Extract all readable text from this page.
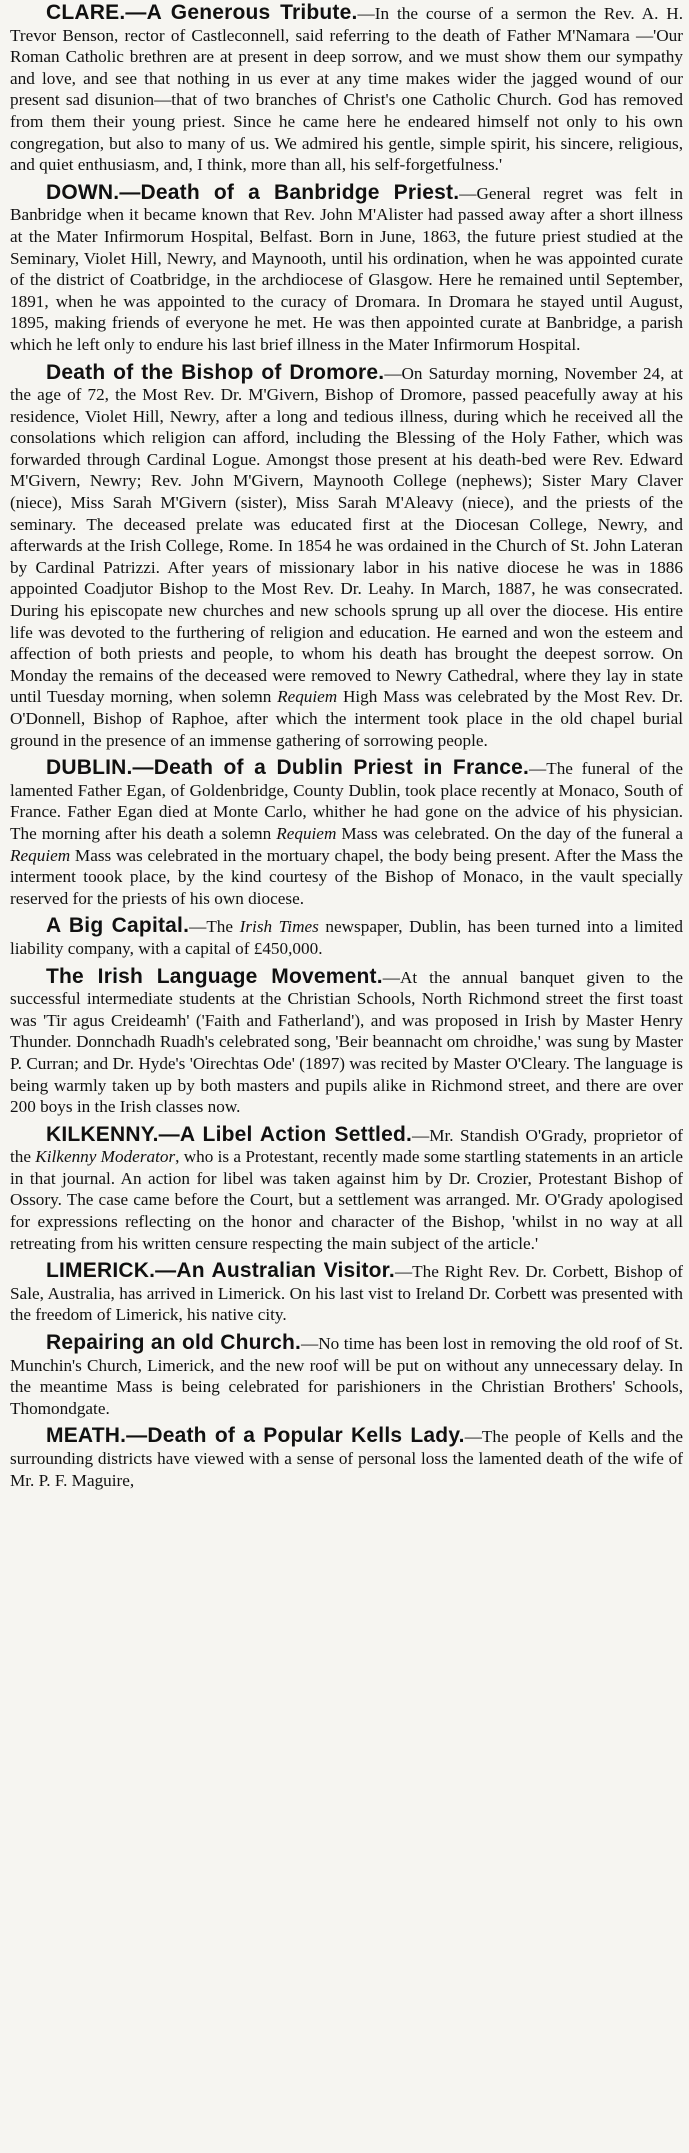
CLARE.—A Generous Tribute.—In the course of a sermon the Rev. A. H. Trevor Benson, rector of Castleconnell, said referring to the death of Father M'Namara —'Our Roman Catholic brethren are at present in deep sorrow, and we must show them our sympathy and love, and see that nothing in us ever at any time makes wider the jagged wound of our present sad disunion—that of two branches of Christ's one Catholic Church. God has removed from them their young priest. Since he came here he endeared himself not only to his own congregation, but also to many of us. We admired his gentle, simple spirit, his sincere, religious, and quiet enthusiasm, and, I think, more than all, his self-forgetfulness.'

DOWN.—Death of a Banbridge Priest.—General regret was felt in Banbridge when it became known that Rev. John M'Alister had passed away after a short illness at the Mater Infirmorum Hospital, Belfast. Born in June, 1863, the future priest studied at the Seminary, Violet Hill, Newry, and Maynooth, until his ordination, when he was appointed curate of the district of Coatbridge, in the archdiocese of Glasgow. Here he remained until September, 1891, when he was appointed to the curacy of Dromara. In Dromara he stayed until August, 1895, making friends of everyone he met. He was then appointed curate at Banbridge, a parish which he left only to endure his last brief illness in the Mater Infirmorum Hospital.

Death of the Bishop of Dromore.—On Saturday morning, November 24, at the age of 72, the Most Rev. Dr. M'Givern, Bishop of Dromore, passed peacefully away at his residence, Violet Hill, Newry, after a long and tedious illness, during which he received all the consolations which religion can afford, including the Blessing of the Holy Father, which was forwarded through Cardinal Logue. Amongst those present at his death-bed were Rev. Edward M'Givern, Newry; Rev. John M'Givern, Maynooth College (nephews); Sister Mary Claver (niece), Miss Sarah M'Givern (sister), Miss Sarah M'Aleavy (niece), and the priests of the seminary. The deceased prelate was educated first at the Diocesan College, Newry, and afterwards at the Irish College, Rome. In 1854 he was ordained in the Church of St. John Lateran by Cardinal Patrizzi. After years of missionary labor in his native diocese he was in 1886 appointed Coadjutor Bishop to the Most Rev. Dr. Leahy. In March, 1887, he was consecrated. During his episcopate new churches and new schools sprung up all over the diocese. His entire life was devoted to the furthering of religion and education. He earned and won the esteem and affection of both priests and people, to whom his death has brought the deepest sorrow. On Monday the remains of the deceased were removed to Newry Cathedral, where they lay in state until Tuesday morning, when solemn Requiem High Mass was celebrated by the Most Rev. Dr. O'Donnell, Bishop of Raphoe, after which the interment took place in the old chapel burial ground in the presence of an immense gathering of sorrowing people.

DUBLIN.—Death of a Dublin Priest in France.—The funeral of the lamented Father Egan, of Goldenbridge, County Dublin, took place recently at Monaco, South of France. Father Egan died at Monte Carlo, whither he had gone on the advice of his physician. The morning after his death a solemn Requiem Mass was celebrated. On the day of the funeral a Requiem Mass was celebrated in the mortuary chapel, the body being present. After the Mass the interment toook place, by the kind courtesy of the Bishop of Monaco, in the vault specially reserved for the priests of his own diocese.

A Big Capital.—The Irish Times newspaper, Dublin, has been turned into a limited liability company, with a capital of £450,000.

The Irish Language Movement.—At the annual banquet given to the successful intermediate students at the Christian Schools, North Richmond street the first toast was 'Tir agus Creideamh' ('Faith and Fatherland'), and was proposed in Irish by Master Henry Thunder. Donnchadh Ruadh's celebrated song, 'Beir beannacht om chroidhe,' was sung by Master P. Curran; and Dr. Hyde's 'Oirechtas Ode' (1897) was recited by Master O'Cleary. The language is being warmly taken up by both masters and pupils alike in Richmond street, and there are over 200 boys in the Irish classes now.

KILKENNY.—A Libel Action Settled.—Mr. Standish O'Grady, proprietor of the Kilkenny Moderator, who is a Protestant, recently made some startling statements in an article in that journal. An action for libel was taken against him by Dr. Crozier, Protestant Bishop of Ossory. The case came before the Court, but a settlement was arranged. Mr. O'Grady apologised for expressions reflecting on the honor and character of the Bishop, 'whilst in no way at all retreating from his written censure respecting the main subject of the article.'

LIMERICK.—An Australian Visitor.—The Right Rev. Dr. Corbett, Bishop of Sale, Australia, has arrived in Limerick. On his last vist to Ireland Dr. Corbett was presented with the freedom of Limerick, his native city.

Repairing an old Church.—No time has been lost in removing the old roof of St. Munchin's Church, Limerick, and the new roof will be put on without any unnecessary delay. In the meantime Mass is being celebrated for parishioners in the Christian Brothers' Schools, Thomondgate.

MEATH.—Death of a Popular Kells Lady.—The people of Kells and the surrounding districts have viewed with a sense of personal loss the lamented death of the wife of Mr. P. F. Maguire,
